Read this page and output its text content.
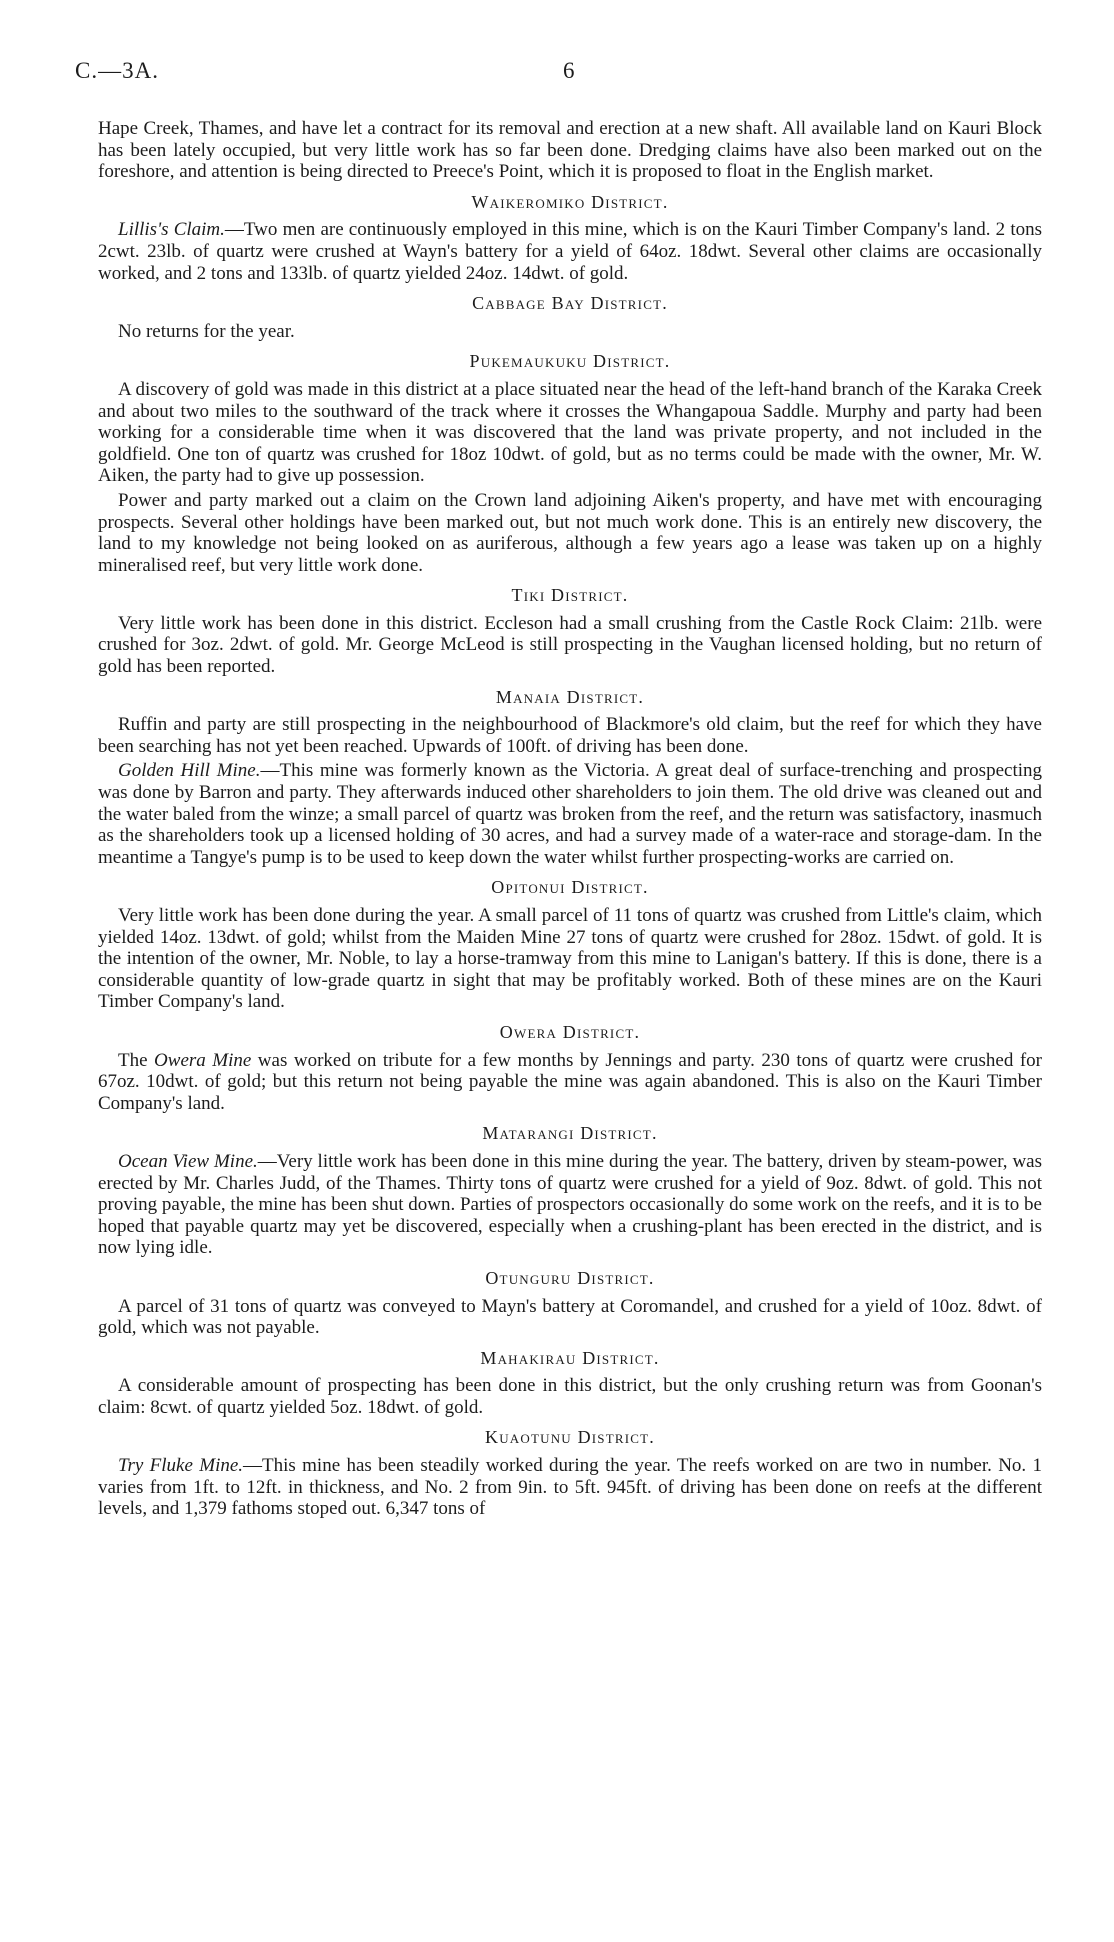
C.—3A.	6

Hape Creek, Thames, and have let a contract for its removal and erection at a new shaft. All available land on Kauri Block has been lately occupied, but very little work has so far been done. Dredging claims have also been marked out on the foreshore, and attention is being directed to Preece's Point, which it is proposed to float in the English market.

Waikeromiko District.

Lillis's Claim.—Two men are continuously employed in this mine, which is on the Kauri Timber Company's land. 2 tons 2cwt. 23lb. of quartz were crushed at Wayn's battery for a yield of 64oz. 18dwt. Several other claims are occasionally worked, and 2 tons and 133lb. of quartz yielded 24oz. 14dwt. of gold.

Cabbage Bay District.

No returns for the year.

Pukemaukuku District.

A discovery of gold was made in this district at a place situated near the head of the left-hand branch of the Karaka Creek and about two miles to the southward of the track where it crosses the Whangapoua Saddle. Murphy and party had been working for a considerable time when it was discovered that the land was private property, and not included in the goldfield. One ton of quartz was crushed for 18oz 10dwt. of gold, but as no terms could be made with the owner, Mr. W. Aiken, the party had to give up possession.

Power and party marked out a claim on the Crown land adjoining Aiken's property, and have met with encouraging prospects. Several other holdings have been marked out, but not much work done. This is an entirely new discovery, the land to my knowledge not being looked on as auriferous, although a few years ago a lease was taken up on a highly mineralised reef, but very little work done.

Tiki District.

Very little work has been done in this district. Eccleson had a small crushing from the Castle Rock Claim: 21lb. were crushed for 3oz. 2dwt. of gold. Mr. George McLeod is still prospecting in the Vaughan licensed holding, but no return of gold has been reported.

Manaia District.

Ruffin and party are still prospecting in the neighbourhood of Blackmore's old claim, but the reef for which they have been searching has not yet been reached. Upwards of 100ft. of driving has been done.

Golden Hill Mine.—This mine was formerly known as the Victoria. A great deal of surface-trenching and prospecting was done by Barron and party. They afterwards induced other shareholders to join them. The old drive was cleaned out and the water baled from the winze; a small parcel of quartz was broken from the reef, and the return was satisfactory, inasmuch as the shareholders took up a licensed holding of 30 acres, and had a survey made of a water-race and storage-dam. In the meantime a Tangye's pump is to be used to keep down the water whilst further prospecting-works are carried on.

Opitonui District.

Very little work has been done during the year. A small parcel of 11 tons of quartz was crushed from Little's claim, which yielded 14oz. 13dwt. of gold; whilst from the Maiden Mine 27 tons of quartz were crushed for 28oz. 15dwt. of gold. It is the intention of the owner, Mr. Noble, to lay a horse-tramway from this mine to Lanigan's battery. If this is done, there is a considerable quantity of low-grade quartz in sight that may be profitably worked. Both of these mines are on the Kauri Timber Company's land.

Owera District.

The Owera Mine was worked on tribute for a few months by Jennings and party. 230 tons of quartz were crushed for 67oz. 10dwt. of gold; but this return not being payable the mine was again abandoned. This is also on the Kauri Timber Company's land.

Matarangi District.

Ocean View Mine.—Very little work has been done in this mine during the year. The battery, driven by steam-power, was erected by Mr. Charles Judd, of the Thames. Thirty tons of quartz were crushed for a yield of 9oz. 8dwt. of gold. This not proving payable, the mine has been shut down. Parties of prospectors occasionally do some work on the reefs, and it is to be hoped that payable quartz may yet be discovered, especially when a crushing-plant has been erected in the district, and is now lying idle.

Otunguru District.

A parcel of 31 tons of quartz was conveyed to Mayn's battery at Coromandel, and crushed for a yield of 10oz. 8dwt. of gold, which was not payable.

Mahakirau District.

A considerable amount of prospecting has been done in this district, but the only crushing return was from Goonan's claim: 8cwt. of quartz yielded 5oz. 18dwt. of gold.

Kuaotunu District.

Try Fluke Mine.—This mine has been steadily worked during the year. The reefs worked on are two in number. No. 1 varies from 1ft. to 12ft. in thickness, and No. 2 from 9in. to 5ft. 945ft. of driving has been done on reefs at the different levels, and 1,379 fathoms stoped out. 6,347 tons of
